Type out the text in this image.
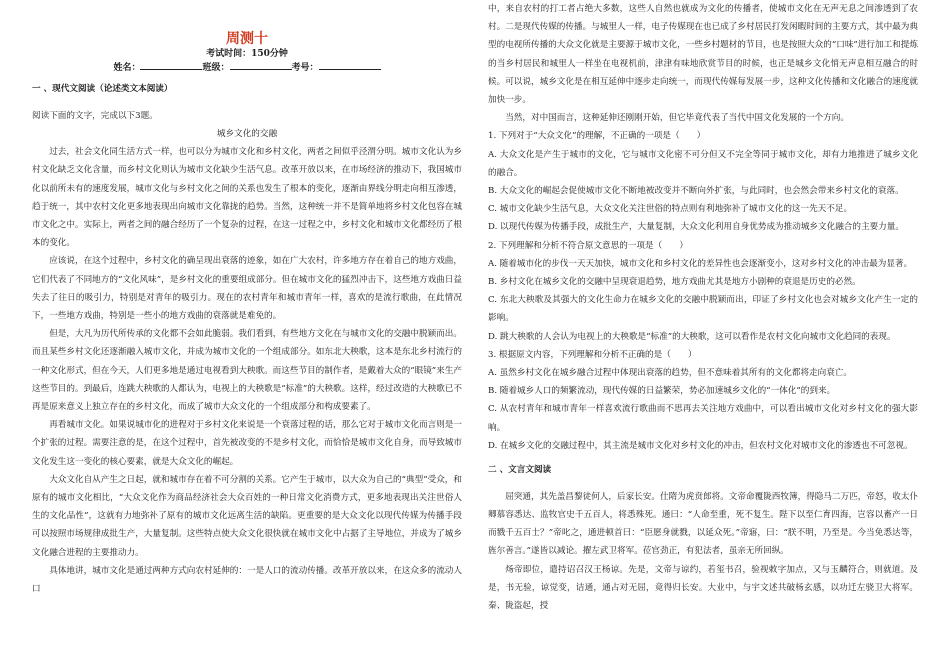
周测十
考试时间：150分钟
姓名：	班级：	考号：

一 、现代文阅读（论述类文本阅读）

阅读下面的文字，完成以下3题。

城乡文化的交融

过去，社会文化同生活方式一样，也可以分为城市文化和乡村文化，两者之间似乎泾渭分明。城市文化认为乡村文化缺乏文化含量，而乡村文化则认为城市文化缺少生活气息。改革开放以来，在市场经济的推动下，我国城市化以前所未有的速度发展，城市文化与乡村文化之间的关系也发生了根本的变化，逐渐由界线分明走向相互渗透，趋于统一，其中农村文化更多地表现出向城市文化靠拢的趋势。当然，这种统一并不是简单地将乡村文化包容在城市文化之中。实际上，两者之间的融合经历了一个复杂的过程，在这一过程之中，乡村文化和城市文化都经历了根本的变化。

应该说，在这个过程中，乡村文化的确呈现出衰落的迹象，如在广大农村，许多地方存在着自己的地方戏曲，它们代表了不同地方的“文化风味”，是乡村文化的重要组成部分。但在城市文化的猛烈冲击下，这些地方戏曲日益失去了往日的吸引力，特别是对青年的吸引力。现在的农村青年和城市青年一样，喜欢的是流行歌曲，在此情况下，一些地方戏曲，特别是一些小的地方戏曲的衰落就是难免的。

但是，大凡为历代所传承的文化都不会如此脆弱。我们看到，有些地方文化在与城市文化的交融中脱颖而出。而且某些乡村文化还逐渐融入城市文化，并成为城市文化的一个组成部分。如东北大秧歌，这本是东北乡村流行的一种文化形式，但在今天，人们更多地是通过电视看到大秧歌。而这些节目的制作者，是戴着大众的“眼镜”来生产这些节目的。到最后，连跳大秧歌的人都认为，电视上的大秧歌是“标准”的大秧歌。这样，经过改造的大秧歌已不再是原来意义上独立存在的乡村文化，而成了城市大众文化的一个组成部分和构成要素了。

再看城市文化。如果说城市化的进程对于乡村文化来说是一个衰落过程的话，那么它对于城市文化而言则是一个扩张的过程。需要注意的是，在这个过程中，首先被改变的不是乡村文化，而恰恰是城市文化自身，而导致城市文化发生这一变化的核心要素，就是大众文化的崛起。

大众文化自从产生之日起，就和城市存在着不可分割的关系。它产生于城市，以大众为自己的“典型”受众，和原有的城市文化相比，“大众文化作为商品经济社会大众百姓的一种日常文化消费方式，更多地表现出关注世俗人生的文化品性”，这就有力地弥补了原有的城市文化远离生活的缺陷。更重要的是大众文化以现代传媒为传播手段可以按照市场规律成批生产，大量复制。这些特点使大众文化很快就在城市文化中占据了主导地位，并成为了城乡文化融合进程的主要推动力。

具体地讲，城市文化是通过两种方式向农村延伸的：一是人口的流动传播。改革开放以来，在这众多的流动人口

中，来自农村的打工者占绝大多数，这些人自然也就成为文化的传播者，使城市文化在无声无息之间渗透到了农村。二是现代传媒的传播。与城里人一样，电子传媒现在也已成了乡村居民打发闲暇时间的主要方式，其中最为典型的电视所传播的大众文化就是主要源于城市文化，一些乡村题材的节目，也是按照大众的“口味”进行加工和提炼的当乡村居民和城里人一样坐在电视机前，津津有味地欣赏节目的时候，也正是城乡文化悄无声息相互融合的时候。可以说，城乡文化是在相互延伸中逐步走向统一，而现代传媒每发展一步，这种文化传播和文化融合的速度就加快一步。

当然，对中国而言，这种延伸还刚刚开始，但它毕竟代表了当代中国文化发展的一个方向。

1. 下列对于“大众文化”的理解，不正确的一项是（　　）

A. 大众文化是产生于城市的文化，它与城市文化密不可分但又不完全等同于城市文化，却有力地推进了城乡文化的融合。

B. 大众文化的崛起会促使城市文化不断地被改变并不断向外扩张，与此同时，也会然会带来乡村文化的衰落。

C. 城市文化缺少生活气息，大众文化关注世俗的特点则有利地弥补了城市文化的这一先天不足。

D. 以现代传媒为传播手段，成批生产，大量复制，大众文化利用自身优势成为推动城乡文化融合的主要力量。

2. 下列理解和分析不符合原文意思的一项是（　　）

A. 随着城市化的步伐一天天加快，城市文化和乡村文化的差异性也会逐渐变小，这对乡村文化的冲击最为显著。

B. 乡村文化在城乡文化的交融中呈现衰退趋势，地方戏曲尤其是地方小剧种的衰退是历史的必然。

C. 东北大秧歌及其强大的文化生命力在城乡文化的交融中脱颖而出，印证了乡村文化也会对城乡文化产生一定的影响。

D. 跳大秧歌的人会认为电视上的大秧歌是“标准”的大秧歌，这可以看作是农村文化向城市文化趋同的表现。

3. 根据原文内容，下列理解和分析不正确的是（　　）

A. 虽然乡村文化在城乡融合过程中体现出衰落的趋势，但不意味着其所有的文化都将走向衰亡。

B. 随着城乡人口的频繁流动，现代传媒的日益繁荣，势必加速城乡文化的“一体化”的到来。

C. 从农村青年和城市青年一样喜欢流行歌曲而不思再去关注地方戏曲中，可以看出城市文化对乡村文化的强大影响。

D. 在城乡文化的交融过程中，其主流是城市文化对乡村文化的冲击，但农村文化对城市文化的渗透也不可忽视。

二 、文言文阅读

屈突通，其先盖昌黎徒何人，后家长安。仕隋为虎贲郎将。文帝命覆陇西牧簿，得隐马二万匹，帝怒，收太仆卿慕容悉达、监牧官史千五百人，将悉殊死。通曰：“人命至重，死不复生。陛下以至仁育四海，岂容以畜产一日而戮千五百士？”帝叱之，通进顿首曰：“臣愿身就戮，以延众死。”帝寤，曰：“朕不明，乃至是。今当免悉达等，旌尔善言。”遂皆以减论。擢左武卫将军。莅官劲正，有犯法者，虽亲无所回纵。

炀帝即位，遣持诏召汉王杨谅。先是，文帝与谅约，若玺书召，验视敕字加点，又与玉麟符合，则就道。及是，书无验，谅觉变，诘通，通占对无屈，竟得归长安。大业中，与宇文述共破杨玄感，以功迁左骁卫大将军。秦、陇盗起，授
